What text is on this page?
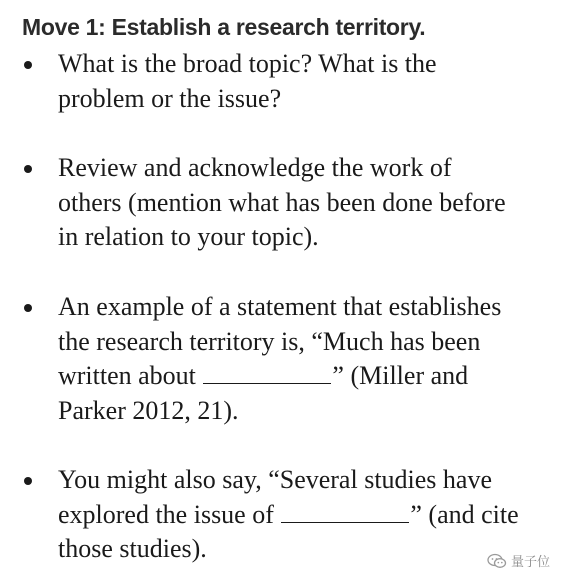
Move 1: Establish a research territory.
What is the broad topic? What is the
problem or the issue?
Review and acknowledge the work of
others (mention what has been done before
in relation to your topic).
An example of a statement that establishes
the research territory is, “Much has been
written about	” (Miller and
Parker 2012, 21).
You might also say, “Several studies have
explored the issue of	” (and cite
those studies).	量子位
